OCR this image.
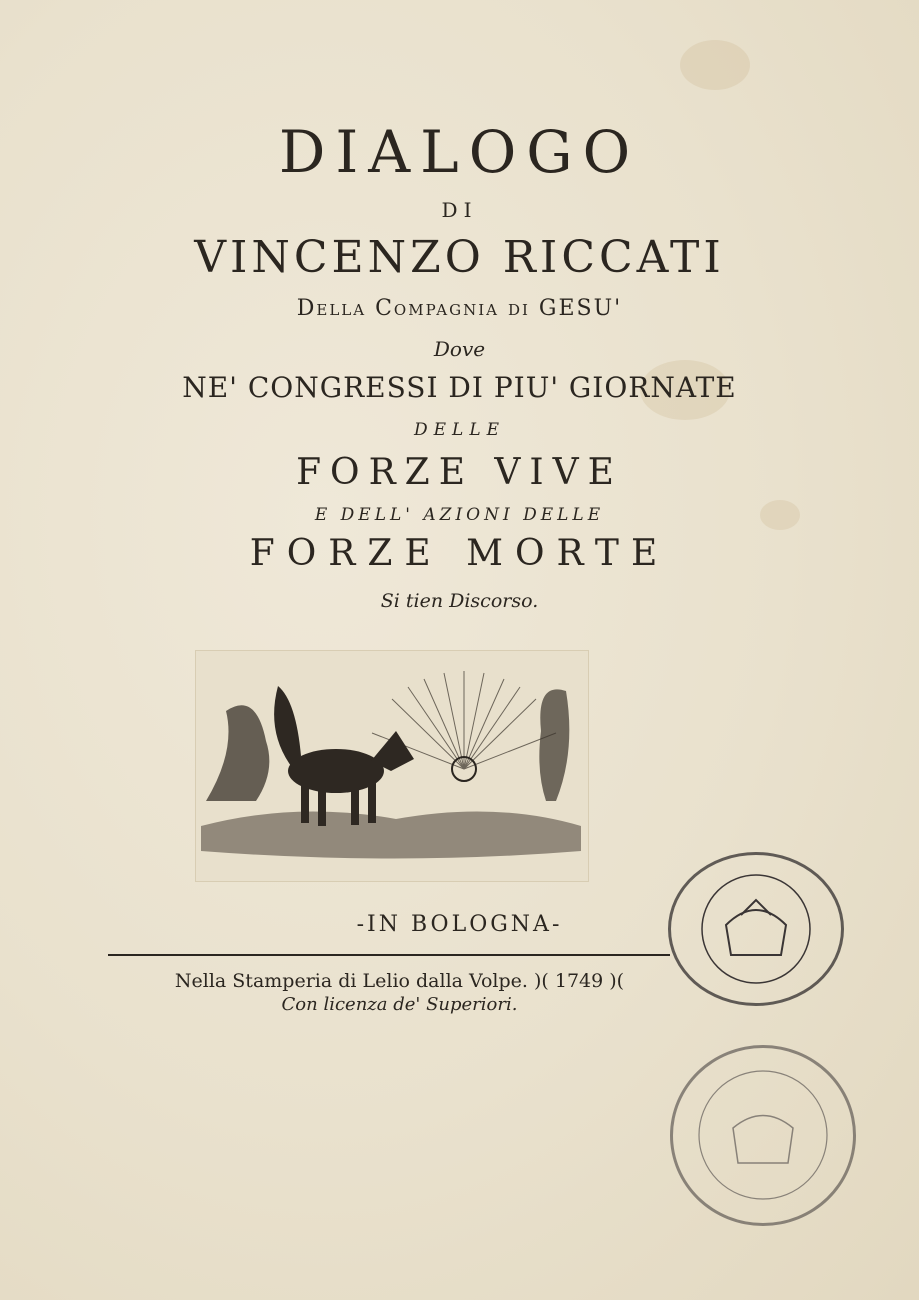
DIALOGO
DI
VINCENZO RICCATI
Della Compagnia di GESU'
Dove
NE' CONGRESSI DI PIU' GIORNATE
DELLE
FORZE VIVE
E DELL' AZIONI DELLE
FORZE MORTE
Si tien Discorso.
-IN BOLOGNA-
Nella Stamperia di Lelio dalla Volpe. )( 1749 )(
Con licenza de' Superiori.
